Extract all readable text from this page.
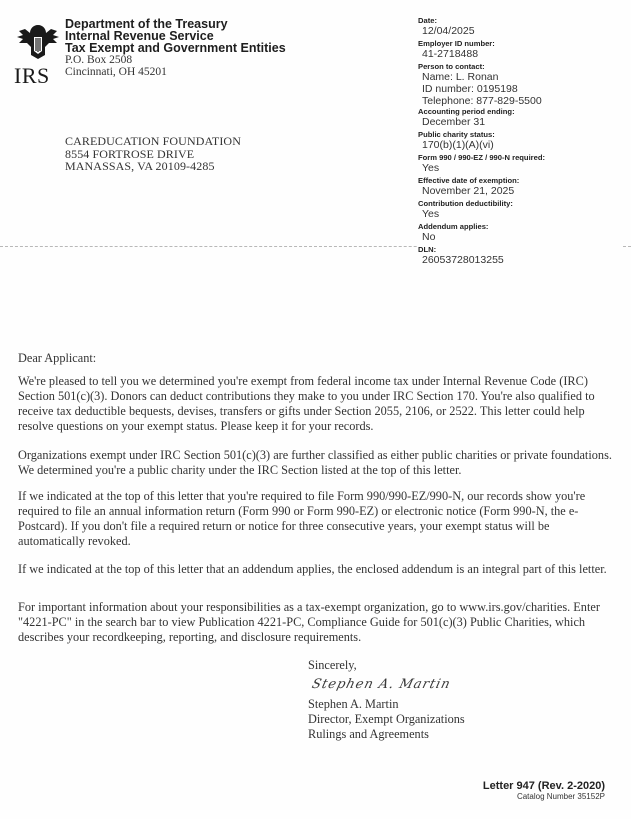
IRS
Department of the Treasury
Internal Revenue Service
Tax Exempt and Government Entities
P.O. Box 2508
Cincinnati, OH 45201
CAREDUCATION FOUNDATION
8554 FORTROSE DRIVE
MANASSAS, VA 20109-4285
Date:
12/04/2025
Employer ID number:
41-2718488
Person to contact:
Name: L. Ronan
ID number: 0195198
Telephone: 877-829-5500
Accounting period ending:
December 31
Public charity status:
170(b)(1)(A)(vi)
Form 990 / 990-EZ / 990-N required:
Yes
Effective date of exemption:
November 21, 2025
Contribution deductibility:
Yes
Addendum applies:
No
DLN:
26053728013255

Dear Applicant:

We're pleased to tell you we determined you're exempt from federal income tax under Internal Revenue Code (IRC) Section 501(c)(3). Donors can deduct contributions they make to you under IRC Section 170. You're also qualified to receive tax deductible bequests, devises, transfers or gifts under Section 2055, 2106, or 2522. This letter could help resolve questions on your exempt status. Please keep it for your records.

Organizations exempt under IRC Section 501(c)(3) are further classified as either public charities or private foundations. We determined you're a public charity under the IRC Section listed at the top of this letter.

If we indicated at the top of this letter that you're required to file Form 990/990-EZ/990-N, our records show you're required to file an annual information return (Form 990 or Form 990-EZ) or electronic notice (Form 990-N, the e-Postcard). If you don't file a required return or notice for three consecutive years, your exempt status will be automatically revoked.

If we indicated at the top of this letter that an addendum applies, the enclosed addendum is an integral part of this letter.

For important information about your responsibilities as a tax-exempt organization, go to www.irs.gov/charities. Enter "4221-PC" in the search bar to view Publication 4221-PC, Compliance Guide for 501(c)(3) Public Charities, which describes your recordkeeping, reporting, and disclosure requirements.

Sincerely,
Stephen A. Martin
Stephen A. Martin
Director, Exempt Organizations
Rulings and Agreements
Letter 947 (Rev. 2-2020)
Catalog Number 35152P
